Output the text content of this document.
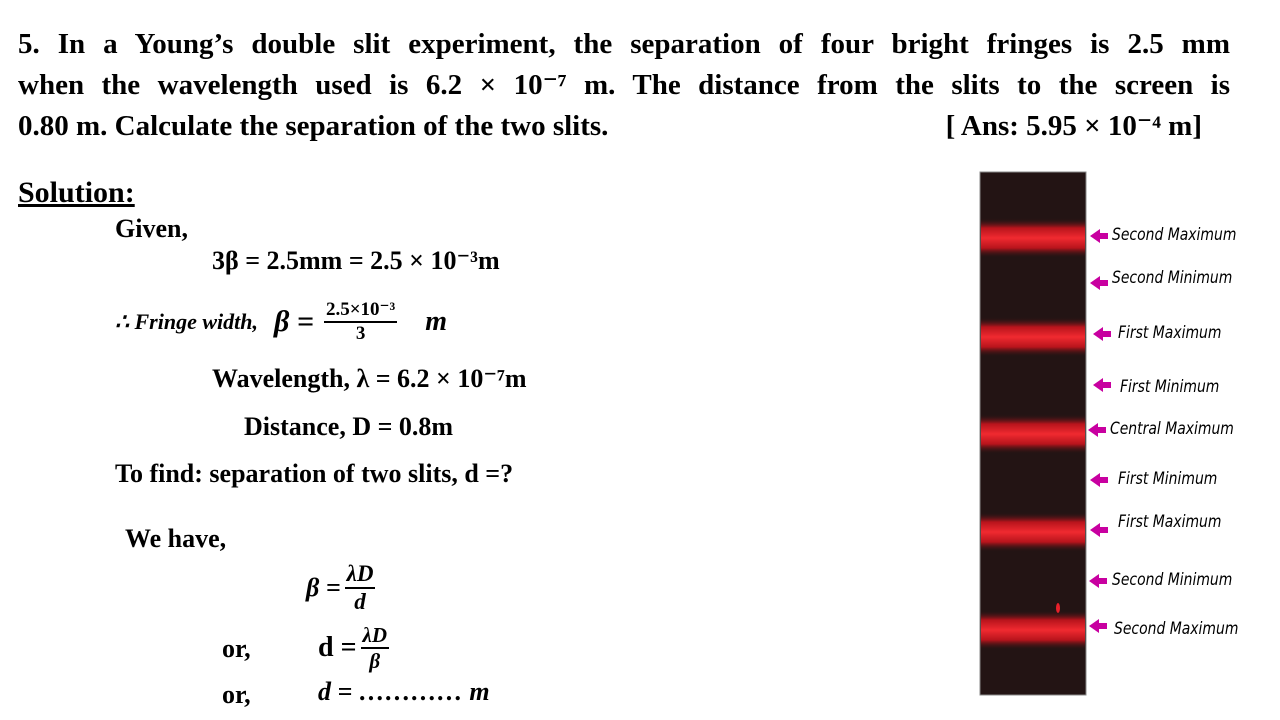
5. In a Young’s double slit experiment, the separation of four bright fringes is 2.5 mm
when the wavelength used is 6.2 × 10⁻⁷ m. The distance from the slits to the screen is
0.80 m. Calculate the separation of the two slits.	[ Ans: 5.95 × 10⁻⁴ m]
Solution:
Given,
3β = 2.5mm = 2.5 × 10⁻³m
∴ Fringe width, $\beta = \frac{\text{2.5×10⁻³}}{3}$ m
Wavelength, λ = 6.2 × 10⁻⁷m
Distance, D = 0.8m
To find: separation of two slits, d =?
We have,
$\beta = \frac{\lambda D}{d}$
or, $d = \frac{\lambda D}{\beta}$
or,	d = ………… m
Second Maximum
Second Minimum
First Maximum
First Minimum
Central Maximum
First Minimum
First Maximum
Second Minimum
Second Maximum
